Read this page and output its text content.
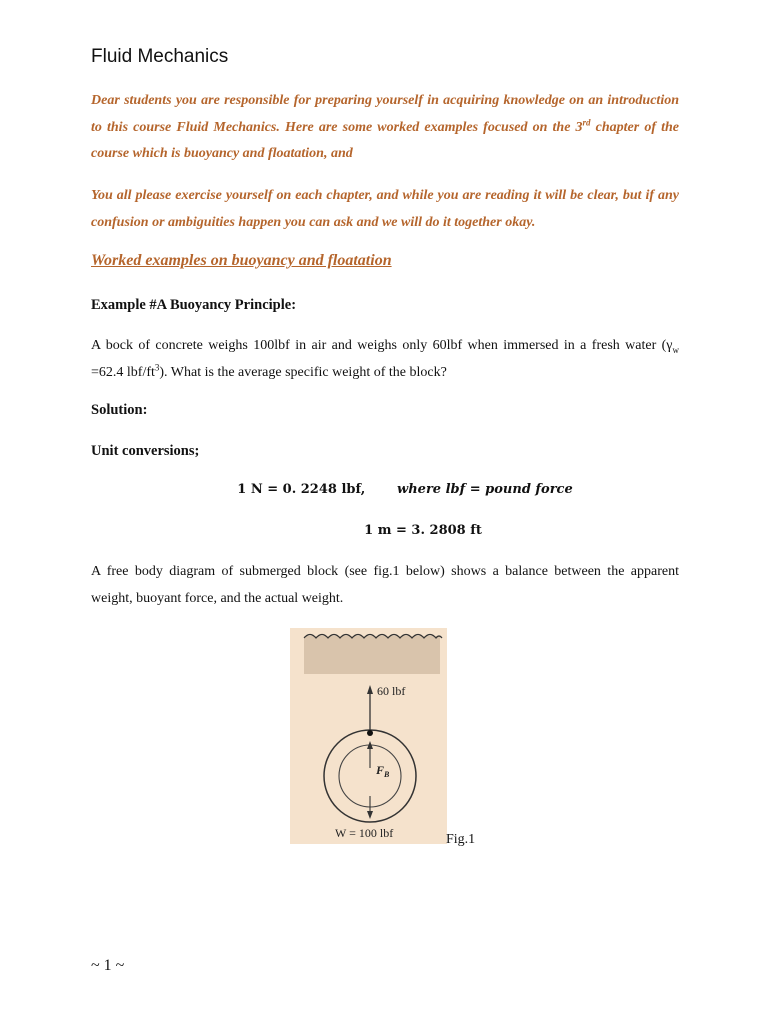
Fluid Mechanics
Dear students you are responsible for preparing yourself in acquiring knowledge on an introduction to this course Fluid Mechanics. Here are some worked examples focused on the 3rd chapter of the course which is buoyancy and floatation, and
You all please exercise yourself on each chapter, and while you are reading it will be clear, but if any confusion or ambiguities happen you can ask and we will do it together okay.
Worked examples on buoyancy and floatation
Example #A Buoyancy Principle:
A bock of concrete weighs 100lbf in air and weighs only 60lbf when immersed in a fresh water ($\gamma_w =62.4$ lbf/$ft^3$). What is the average specific weight of the block?
Solution:
Unit conversions;
1 N = 0. 2248 lbf, where lbf = pound force
1 m = 3. 2808 ft
A free body diagram of submerged block (see fig.1 below) shows a balance between the apparent weight, buoyant force, and the actual weight.
60 lbf
$F_B$
W = 100 lbf	Fig.1
~ 1 ~
